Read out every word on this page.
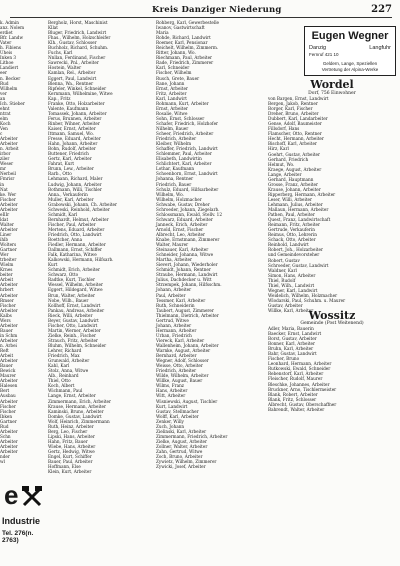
Kreis Danziger Niederung	227
k. Admin
anz. Nolem
erdiet
Bfr. Landw
Vater
h. Fibiens
Uheis
Inken 3
Lithoe
Landiert
eer
n. Becker
Rud
Wilhelm
ver
an
Ich. Stieber
ehnt
ntrat
elm
Koch
Ven
c
Arbeiter
Arbeiter
n. Arbeit
irbor
ziler
Weser
mr
Nerbeil
Fmrisr
in
Nat
ke. Wer
Fischer
Arbeiter
Arbeiter
eIlIr
ldat
Walter
Arbeiter
Liner
ihlb
Wolters
Gartner
Wer
trbeiter
Wielm
Krnes
beiter
Arbeit
Arbeiter
hrbert
Arbeiter
Rmser
Fischer
Arbeiter
Kalbs
Wers
Arbeiter
Bauer
in Schm
Arbeiter
n. Arbei
Reft
Arbeit
Arbeiter
Bauer
Bewick
Maurer
Arbeiter
Halesen
Bert
Ausbau
Arbeiter
Fischer
Fischer
Ibken
Gartner
Rud
Arbeiter
Schn
Arbeiter
Arbeiter
Arbeiter
nder
wl
Bergholz, Horst, Maschinist
Kllat
Bluger, Friedrich, Landwirt
Fhas., Wilhelm, Holzschleifer
Klh., Gustav, Schlosser
Buchholz, Richard, Schuhm.
Fuchs, Karl
Nnllan, Ferdinand, Fischer
Sawrecki, Pnl., Arbeiter
Hostein, Walter
Kamlan, Rel., Arbeiter
Eggert, Paul, Landwirt
Blenna, Wa., Rentner
Ripfeler, Winkel, Schneider
Kernmann, Wilhelmine, Witwe
Kap., Fritz
Franke, Otto, Holzarbeiter
Valente, Kaufmann
Tomassek, Johann, Arbeiter
Ferus, Brunnen, Arbeiter
Rinber, Wihner, Arbeiter
Kaiser, Ernst, Arbeiter
Ittmann, Samuel, Wo.
Fresse, Eduard, Arbeiter
Hahn, Johann, Arbeiter
Bohn, Rudolf, Arbeiter
Buttener, Friedrich
Gertz, Karl, Arbeiter
Fahrat, Kurt
Brunn, Lew., Arbeiter
Rarb., Otto
Lehmann, Richard, Maler
Ludwig, Johann, Arbeiter
Bothmann, Willi, Tischler
Anna., Verkauferin
Muller, Karl, Arbeiter
Grabowski, Johann, Ch. Arbeiter
Schweski, Reinhold, Arbeiter
Schmidt, Karl
Bernhardt, Helmut, Arbeiter
Fischer, Paul, Arbeiter
Mertens, Eduard, Arbeiter
Friedrich, Otto, Landwirt
Boettcher, Anna
Fiedler, Hermann, Arbeiter
Dallmann, Ernst, Schiffer
Falk, Katharina, Witwe
Kalkowski, Hermann, Hilfsarb.
Kurt
Schmidt, Erich, Arbeiter
Schwarz, Otto
Radtke, Kurt, Tischler
Wessel, Wilhelm, Arbeiter
Eggert, Hildegard, Witwe
Brun, Walter, Arbeiter
Nobe, Wilh., Bauer
Kollhoff, Ernst, Landwirt
Pankau, Andreas, Arbeiter
Rieck, Willi, Arbeiter
Beyer, Gustav, Landwirt
Fischer, Otto, Landwirt
Martin, Werner, Arbeiter
Zielke, Reinh., Fischer
Strauch, Fritz, Arbeiter
Bluhm, Wilhelm, Schneider
Lehrer, Richard
Friedrich, Max
Grunwald, Arbeiter
Kahl, Karl
Stolz, Anna, Witwe
Alb., Reinhard
Thiel, Otto
Koch, Albert
Wichmann, Paul
Lange, Ernst, Arbeiter
Zimmermann, Erich, Arbeiter
Krause, Hermann, Arbeiter
Kaminski, Bruno, Arbeiter
Domke, Gustav, Landwirt
Wolf, Heinrich, Zimmermann
Ruth, Heinz, Arbeiter
Berg, Leo, Fischer
Lipski, Hans, Arbeiter
Hahn, Fritz, Bauer
Wiebe, Hans, Arbeiter
Gertz, Hedwig, Witwe
Engel, Kurt, Schiffer
Bauer, Paul, Arbeiter
Hoffmann, Else
Klein, Kurt, Arbeiter
Rohberg, Karl, Gewerbestelle
Iwanov, Gastwirtschaft
Maria
Rohde, Richard, Landwirt
Roemer, Karl, Pensionar
Reichelt, Wilhelm, Zimmerm.
Ritter, Johann, Wo.
Riechmann, Paul, Arbeiter
Rade, Friedrich, Zimmerer
Karl, Schneider
Fischer, Wilhelm
Rusch, Grete, Bauer
Rane, Johann
Ernst, Arbeiter
Fritz, Arbeiter
Karl, Landwirt
Rohmann, Kurt, Arbeiter
Ernst, Arbeiter
Rosalie, Witwe
Sohn, Ernst, Schlosser
Schafer, Friedrich, Holzhofer
Nilhelm, Bauer
Scheer, Friedrich, Arbeiter
Friedrich, Arbeiter
Kleiber, Wilhelm
Schaffer, Friedrich, Landwirt
Schlemmer, Paul, Arbeiter
Elisabeth, Landwirtin
Schlichtert, Karl, Arbeiter
Lothar, Kaufmann
Schoenborn, Ernst, Landwirt
Johanna, Rentner
Friedrich, Bauer
Schulz, Eduard, Hilfsarbeiter
Wilhelm, Wo.
Wilhelm, Holzmacher
Schwabe, Gustav, Dreher
Schroeder, Johann, Ziegelarb.
Schlossmann, Ewald, Stellv. 12
Schwarz, Eduard, Arbeiter
Janneck, Erich, Arbeiter
Arnold, Ernst, Fischer
Albrecht, Leo, Arbeiter
Knabe, Ernstmann, Zimmerer
Walter, Maurer
Steinauer, Karl, Arbeiter
Schneider, Johanna, Witwe
Martha, Arbeiter
Sievert, Johann, Wiederholer
Schmidt, Johann, Rentner
Straube, Hermann, Landwirt
Julius, Dachdecker u. Witt
Strzempek, Johann, Hilfsschm.
Johann, Arbeiter
Paul, Arbeiter
Tessmer, Karl, Arbeiter
Ruth, Schneiderin
Taubert, August, Zimmerer
Thielmann, Dietrich, Arbeiter
Gertrud, Witwe
Johann, Arbeiter
Hermann, Arbeiter
Urban, Friedrich
Viereck, Karl, Arbeiter
Wallenheim, Johann, Arbeiter
Warnke, August, Arbeiter
Bernhard, Arbeiter
Wegner, Adolf, Schlosser
Weisse, Otto, Arbeiter
Friedrich, Arbeiter
Wilde, Wilhelm, Arbeiter
Willke, August, Bauer
Wilms, Franz
Hans, Arbeiter
Witt, Arbeiter
Wisniewski, August, Tischler
Kurt, Landwirt
Gustav, Stellmacher
Wolff, Karl, Arbeiter
Zenker, Willy
Zuch, Johann
Zielinski, Karl, Arbeiter
Zimmermann, Friedrich, Arbeiter
Zielke, August, Arbeiter
Zollner, Walter, Arbeiter
Zahn, Gertrud, Witwe
Zoch, Bruno, Arbeiter
Zywietz, Wilhelm, Zimmerer
Zywicki, Josef, Arbeiter
von Bargen, Ernst, Landwirt
Bergen, Jakob, Rentner
Borger, Karl, Fischer
Dreher, Bruno, Arbeiter
Dubbert, Karl, Landarbeiter
Gense, Adolf, Baumeister
Fillsdorf, Hans
Flamscher, Otto, Rentner
Hecht, Hermann, Arbeiter
Bischoff, Karl, Arbeiter
Hirz, Karl
Goehrt, Gustav, Arbeiter
Gerhard, Friedrich
Helmut, Wo.
Kraege, August, Arbeiter
Lange, Arbeiter
Gerhard, Hauptmann
Grosse, Franz, Arbeiter
Krause, Johann, Arbeiter
Ripperberg, Hermann, Arbeiter
Leser, Willi, Arbeiter
Lehmann, Julius, Arbeiter
Mallaun, Hermann, Arbeiter
Pathen, Paul, Arbeiter
Quest, Franz, Landwirtschaft
Reimann, Fritz, Arbeiter
Gertrude, Verkauferin
Reimus, Otto, Lehrerin
Schack, Otto, Arbeiter
Reinhold, Landwirt
Robert, Joh., Holzarbeiter
und Gemeindevorsteher
Robert, Gustav
Schroeder, Gustav, Landwirt
Waldner, Karl
Simon, Hans, Arbeiter
Thiel, Rudolf
Thiel, Wilh., Landwirt
Wegner, Karl, Landwirt
Weidelich, Wilhelm, Holzmacher
Wlodarski, Paul, Schuhm. u. Maurer
Gustav, Arbeiter
Willke, Karl, Arbeiter
Adler, Maria, Bauerin
Baecker, Ernst, Landwirt
Borst, Gustav, Arbeiter
Bonner, Karl, Arbeiter
Bruhn, Karl, Arbeiter
Bahr, Gustav, Landwirt
Fischer, Bruno
Leonhard, Hermann, Arbeiter
Rutkowski, Ewald, Schneider
Rebenstorf, Karl, Arbeiter
Fleischer, Rudolf, Maurer
Bleschke, Johannes, Arbeiter
Bruckner, Arno, Tischlermeister
Blank, Robert, Arbeiter
Blank, Fritz, Schlosser
Albrecht, Gustav, Oberschaffner
Bahrendt, Walter, Arbeiter
Eugen Wegner
Danzig	Langfuhr
Fernruf 421 10
Geldern, Lange, Speziellen
Vertretung der Alpina-Werke
Wordel
Dorf, 756 Einwohner
Wossitz
Gemeinde (Post Weitenend)
e
Industrie
Tel. 276(n. 2763)
